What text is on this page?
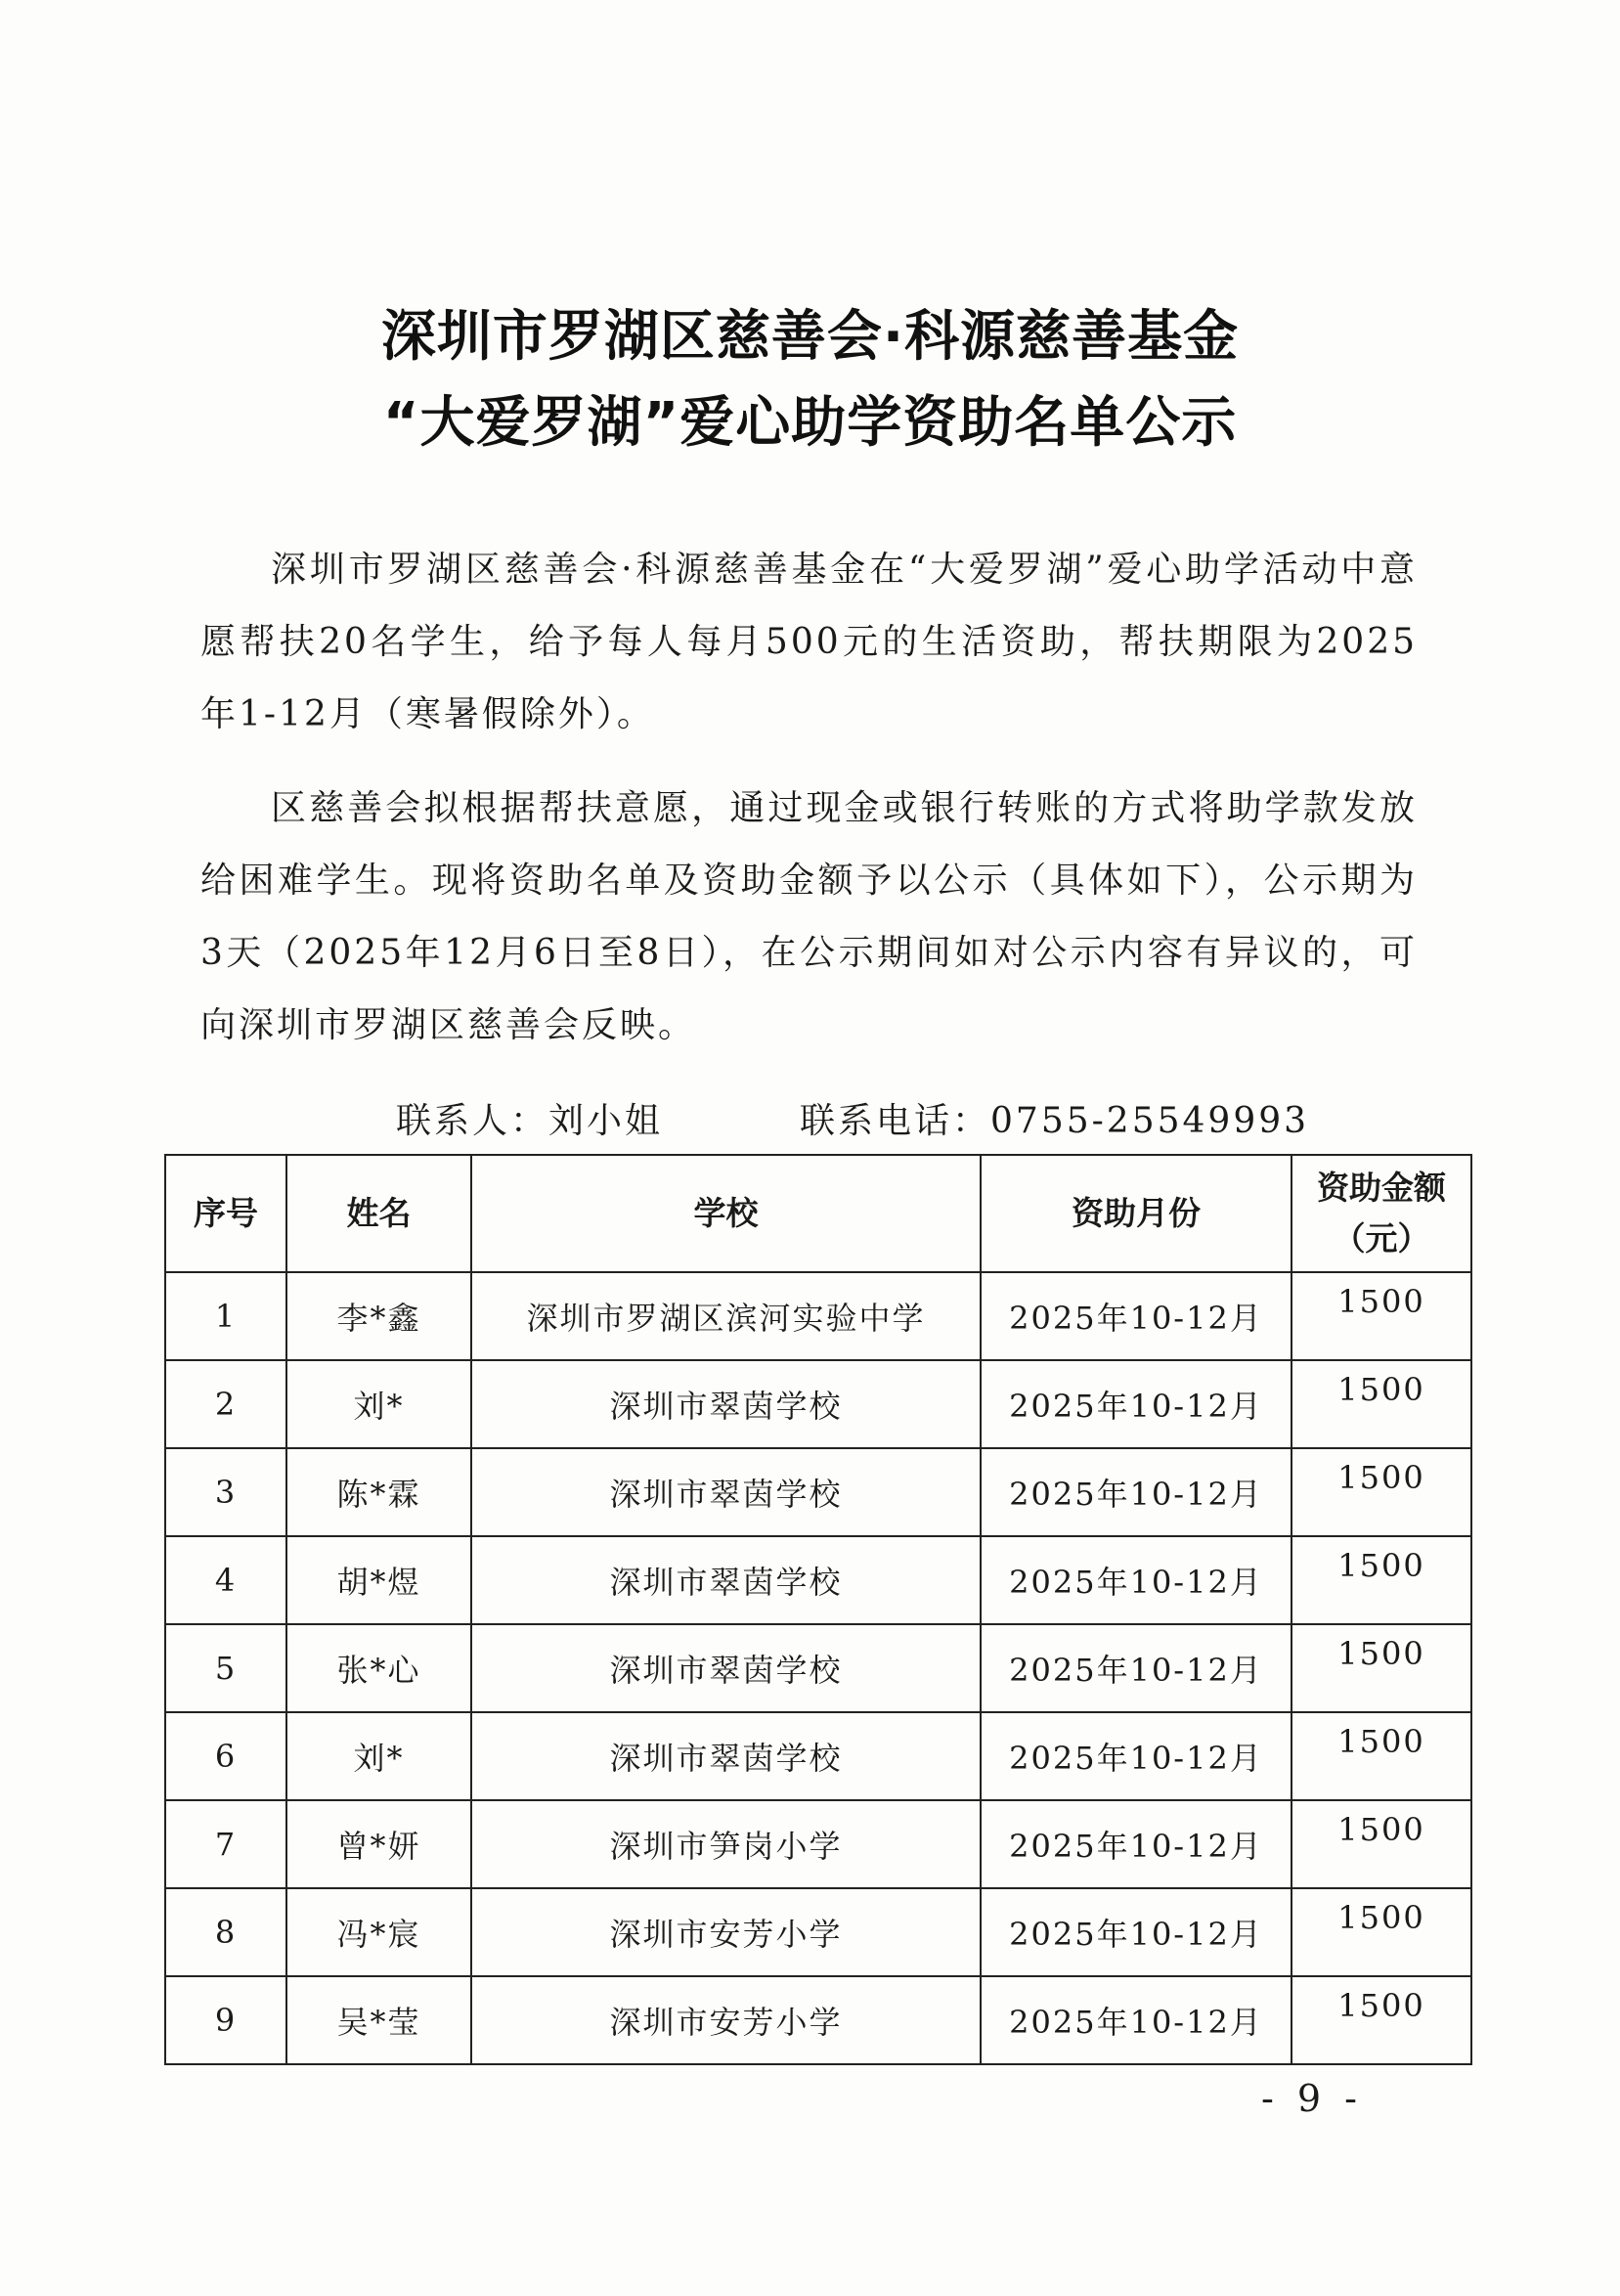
深圳市罗湖区慈善会·科源慈善基金
“大爱罗湖”爱心助学资助名单公示
深圳市罗湖区慈善会·科源慈善基金在“大爱罗湖”爱心助学活动中意愿帮扶20名学生，给予每人每月500元的生活资助，帮扶期限为2025年1-12月（寒暑假除外）。
区慈善会拟根据帮扶意愿，通过现金或银行转账的方式将助学款发放给困难学生。现将资助名单及资助金额予以公示（具体如下），公示期为3天（2025年12月6日至8日），在公示期间如对公示内容有异议的，可向深圳市罗湖区慈善会反映。
联系人：刘小姐	联系电话：0755-25549993
序号	姓名	学校	资助月份	资助金额
（元）

1	李*鑫	深圳市罗湖区滨河实验中学	2025年10-12月	1500
2	刘*	深圳市翠茵学校	2025年10-12月	1500
3	陈*霖	深圳市翠茵学校	2025年10-12月	1500
4	胡*煜	深圳市翠茵学校	2025年10-12月	1500
5	张*心	深圳市翠茵学校	2025年10-12月	1500
6	刘*	深圳市翠茵学校	2025年10-12月	1500
7	曾*妍	深圳市笋岗小学	2025年10-12月	1500
8	冯*宸	深圳市安芳小学	2025年10-12月	1500
9	吴*莹	深圳市安芳小学	2025年10-12月	1500
- 9 -
